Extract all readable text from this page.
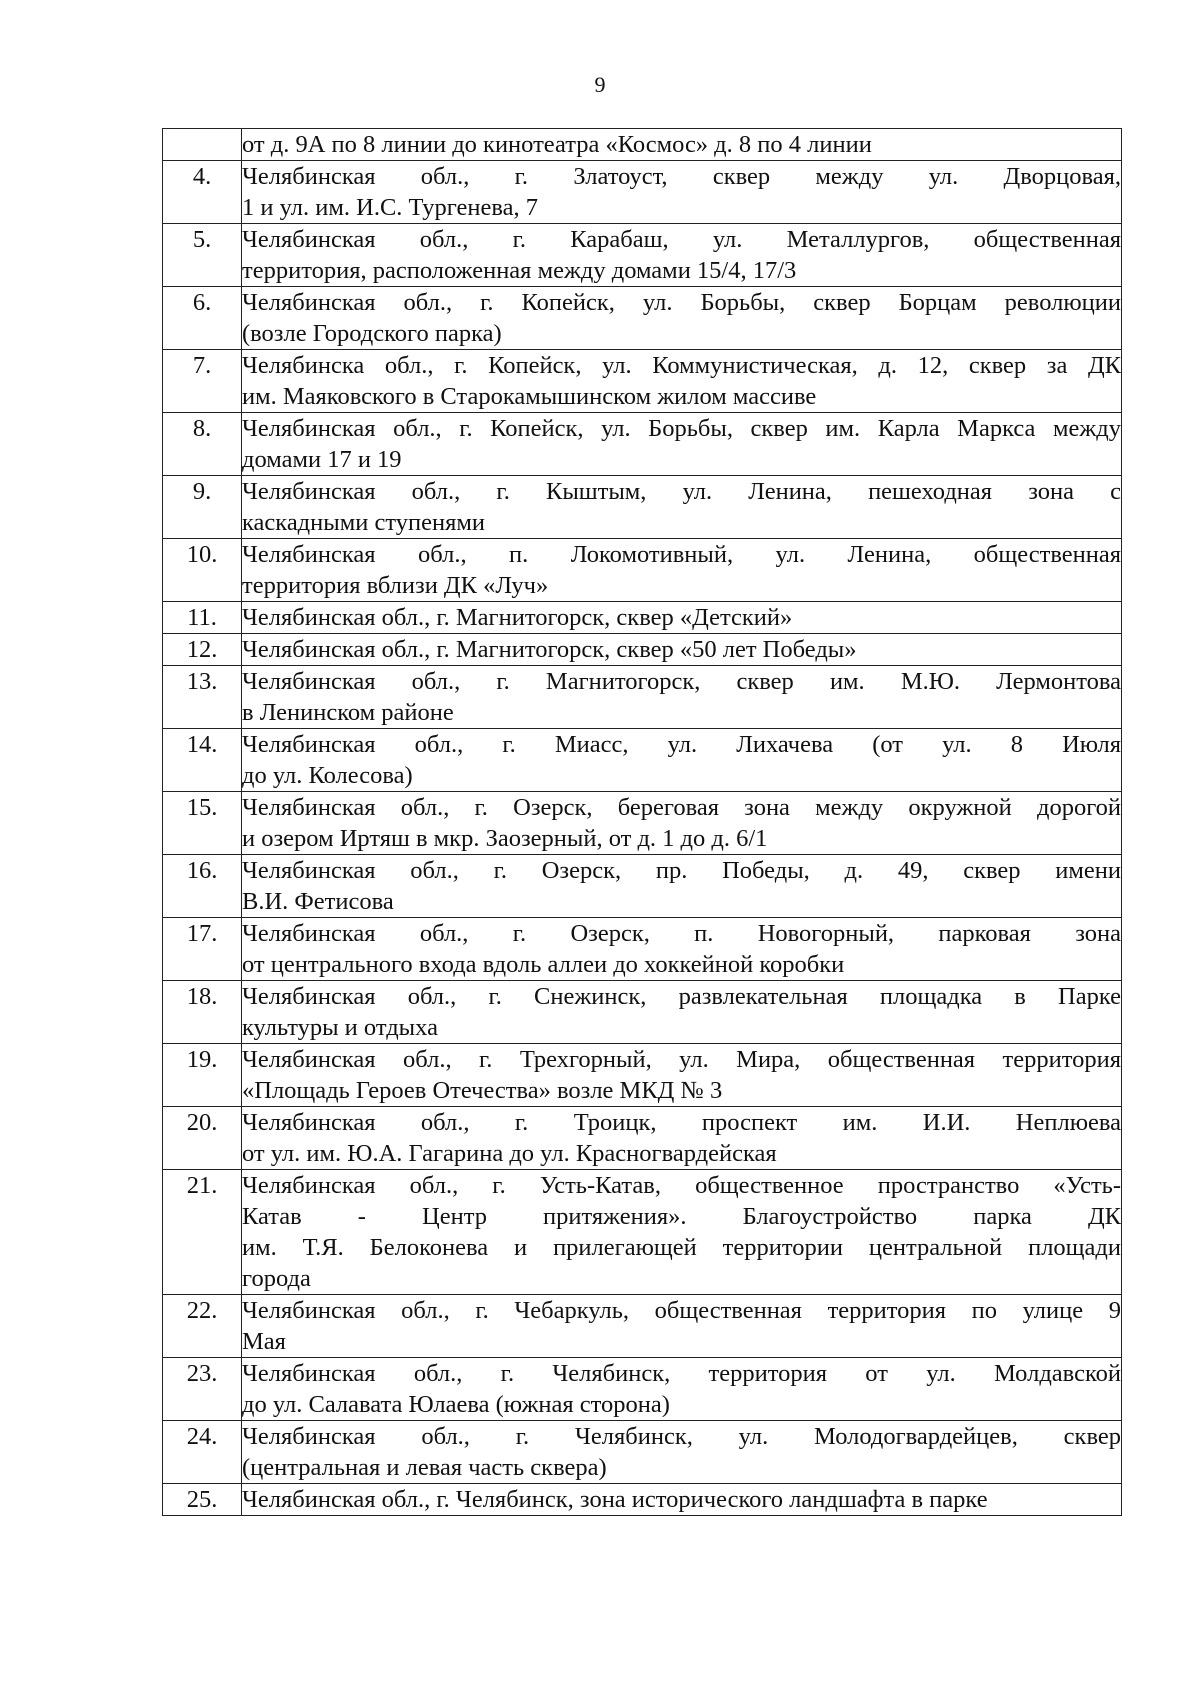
9

	от д. 9А по 8 линии до кинотеатра «Космос» д. 8 по 4 линии

4.	Челябинская обл., г. Златоуст, сквер между ул. Дворцовая,
1 и ул. им. И.С. Тургенева, 7

5.	Челябинская обл., г. Карабаш, ул. Металлургов, общественная
территория, расположенная между домами 15/4, 17/3

6.	Челябинская обл., г. Копейск, ул. Борьбы, сквер Борцам революции
(возле Городского парка)

7.	Челябинска обл., г. Копейск, ул. Коммунистическая, д. 12, сквер за ДК
им. Маяковского в Старокамышинском жилом массиве

8.	Челябинская обл., г. Копейск, ул. Борьбы, сквер им. Карла Маркса между
домами 17 и 19

9.	Челябинская обл., г. Кыштым, ул. Ленина, пешеходная зона с
каскадными ступенями

10.	Челябинская обл., п. Локомотивный, ул. Ленина, общественная
территория вблизи ДК «Луч»

11.	Челябинская обл., г. Магнитогорск, сквер «Детский»

12.	Челябинская обл., г. Магнитогорск, сквер «50 лет Победы»

13.	Челябинская обл., г. Магнитогорск, сквер им. М.Ю. Лермонтова
в Ленинском районе

14.	Челябинская обл., г. Миасс, ул. Лихачева (от ул. 8 Июля
до ул. Колесова)

15.	Челябинская обл., г. Озерск, береговая зона между окружной дорогой
и озером Иртяш в мкр. Заозерный, от д. 1 до д. 6/1

16.	Челябинская обл., г. Озерск, пр. Победы, д. 49, сквер имени
В.И. Фетисова

17.	Челябинская обл., г. Озерск, п. Новогорный, парковая зона
от центрального входа вдоль аллеи до хоккейной коробки

18.	Челябинская обл., г. Снежинск, развлекательная площадка в Парке
культуры и отдыха

19.	Челябинская обл., г. Трехгорный, ул. Мира, общественная территория
«Площадь Героев Отечества» возле МКД № 3

20.	Челябинская обл., г. Троицк, проспект им. И.И. Неплюева
от ул. им. Ю.А. Гагарина до ул. Красногвардейская

21.	Челябинская обл., г. Усть-Катав, общественное пространство «Усть-
Катав - Центр притяжения». Благоустройство парка ДК
им. Т.Я. Белоконева и прилегающей территории центральной площади
города

22.	Челябинская обл., г. Чебаркуль, общественная территория по улице 9
Мая

23.	Челябинская обл., г. Челябинск, территория от ул. Молдавской
до ул. Салавата Юлаева (южная сторона)

24.	Челябинская обл., г. Челябинск, ул. Молодогвардейцев, сквер
(центральная и левая часть сквера)

25.	Челябинская обл., г. Челябинск, зона исторического ландшафта в парке
